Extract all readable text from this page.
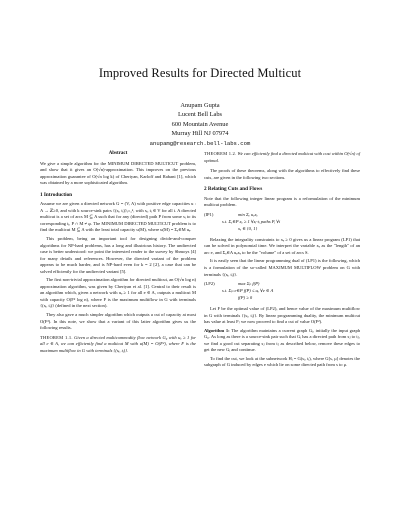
Improved Results for Directed Multicut
Anupam Gupta
Lucent Bell Labs
600 Mountain Avenue
Murray Hill NJ 07974
anupamg@research.bell-labs.com
Abstract

We give a simple algorithm for the MINIMUM DIRECTED MULTICUT problem, and show that it gives an O(√n)-approximation. This improves on the previous approximation guarantee of O(√n log k) of Cheriyan, Karloff and Rabani [1], which was obtained by a more sophisticated algorithm.

1 Introduction

Assume we are given a directed network G = (V, A) with positive edge capacities u : A → ℤ≥0, and with k source-sink pairs {(sᵢ, tᵢ)}ᵢ₌₁ᵏ, with sᵢ, tᵢ ∈ V for all i. A directed multicut is a set of arcs M ⊆ A such that for any (directed) path P from some sᵢ to its corresponding tᵢ, P ∩ M ≠ φ. The MINIMUM DIRECTED MULTICUT problem is to find the multicut M ⊆ A with the least total capacity u(M), where u(M) = Σₑ∈M uₑ.

This problem, being an important tool for designing divide-and-conquer algorithms for NP-hard problems, has a long and illustrious history. The undirected case is better understood: we point the interested reader to the survey by Shmoys [4] for many details and references. However, the directed variant of the problem appears to be much harder, and is NP-hard even for k = 2 [2], a case that can be solved efficiently for the undirected variant [5].

The first non-trivial approximation algorithm for directed multicut, an O(√n log n) approximation algorithm, was given by Cheriyan et al. [1]. Central to their result is an algorithm which, given a network with uₑ ≥ 1 for all e ∈ A, outputs a multicut M with capacity O(F² log n), where F is the maximum multiflow in G with terminals {(sᵢ, tᵢ)} (defined in the next section).

They also gave a much simpler algorithm which outputs a cut of capacity at most O(F²). In this note, we show that a variant of this latter algorithm gives us the following results.

THEOREM 1.1. Given a directed multicommodity flow network G₀ with uₑ ≥ 1 for all e ∈ A, we can efficiently find a multicut M with u(M) = O(F²), where F is the maximum multiflow in G with terminals {(sᵢ, tᵢ)}.
THEOREM 1.2. We can efficiently find a directed multicut with cost within O(√n) of optimal.

The proofs of these theorems, along with the algorithms to effectively find these cuts, are given in the following two sections.

2 Relating Cuts and Flows

Note that the following integer linear program is a reformulation of the minimum multicut problem.

(IP1)	min Σₑ uₑxₑ
s.t. Σₑ∈P xₑ ≥ 1 ∀sᵢ-tᵢ paths P, ∀i
xₑ ∈ {0, 1}

Relaxing the integrality constraints to xₑ ≥ 0 gives us a linear program (LP1) that can be solved in polynomial time. We interpret the variable xₑ as the "length" of an arc e, and Σₑ∈A uₑxₑ to be the "volume" of a set of arcs S.

It is easily seen that the linear programming dual of (LP1) is the following, which is a formulation of the so-called MAXIMUM MULTIFLOW problem on G with terminals {(sᵢ, tᵢ)}.

(LP2)	max Σₚ f(P)
s.t. Σₚ:e∈P f(P) ≤ uₑ ∀e ∈ A
f(P) ≥ 0

Let F be the optimal value of (LP2), and hence value of the maximum multiflow in G with terminals {(sᵢ, tᵢ)}. By linear programming duality, the minimum multicut has value at least F; we now proceed to find a cut of value O(F²).

Algorithm 1: The algorithm maintains a current graph Gᵢ, initially the input graph G₀. As long as there is a source-sink pair such that Gᵢ has a directed path from sⱼ to tⱼ, we find a good cut separating sⱼ from tⱼ as described below, remove these edges to get the new Gᵢ and continue.

To find the cut, we look at the subnetwork Hᵢ = G(sᵢ, tᵢ), where G[s, μ] denotes the subgraph of G induced by edges e which lie on some directed path from s to μ.
